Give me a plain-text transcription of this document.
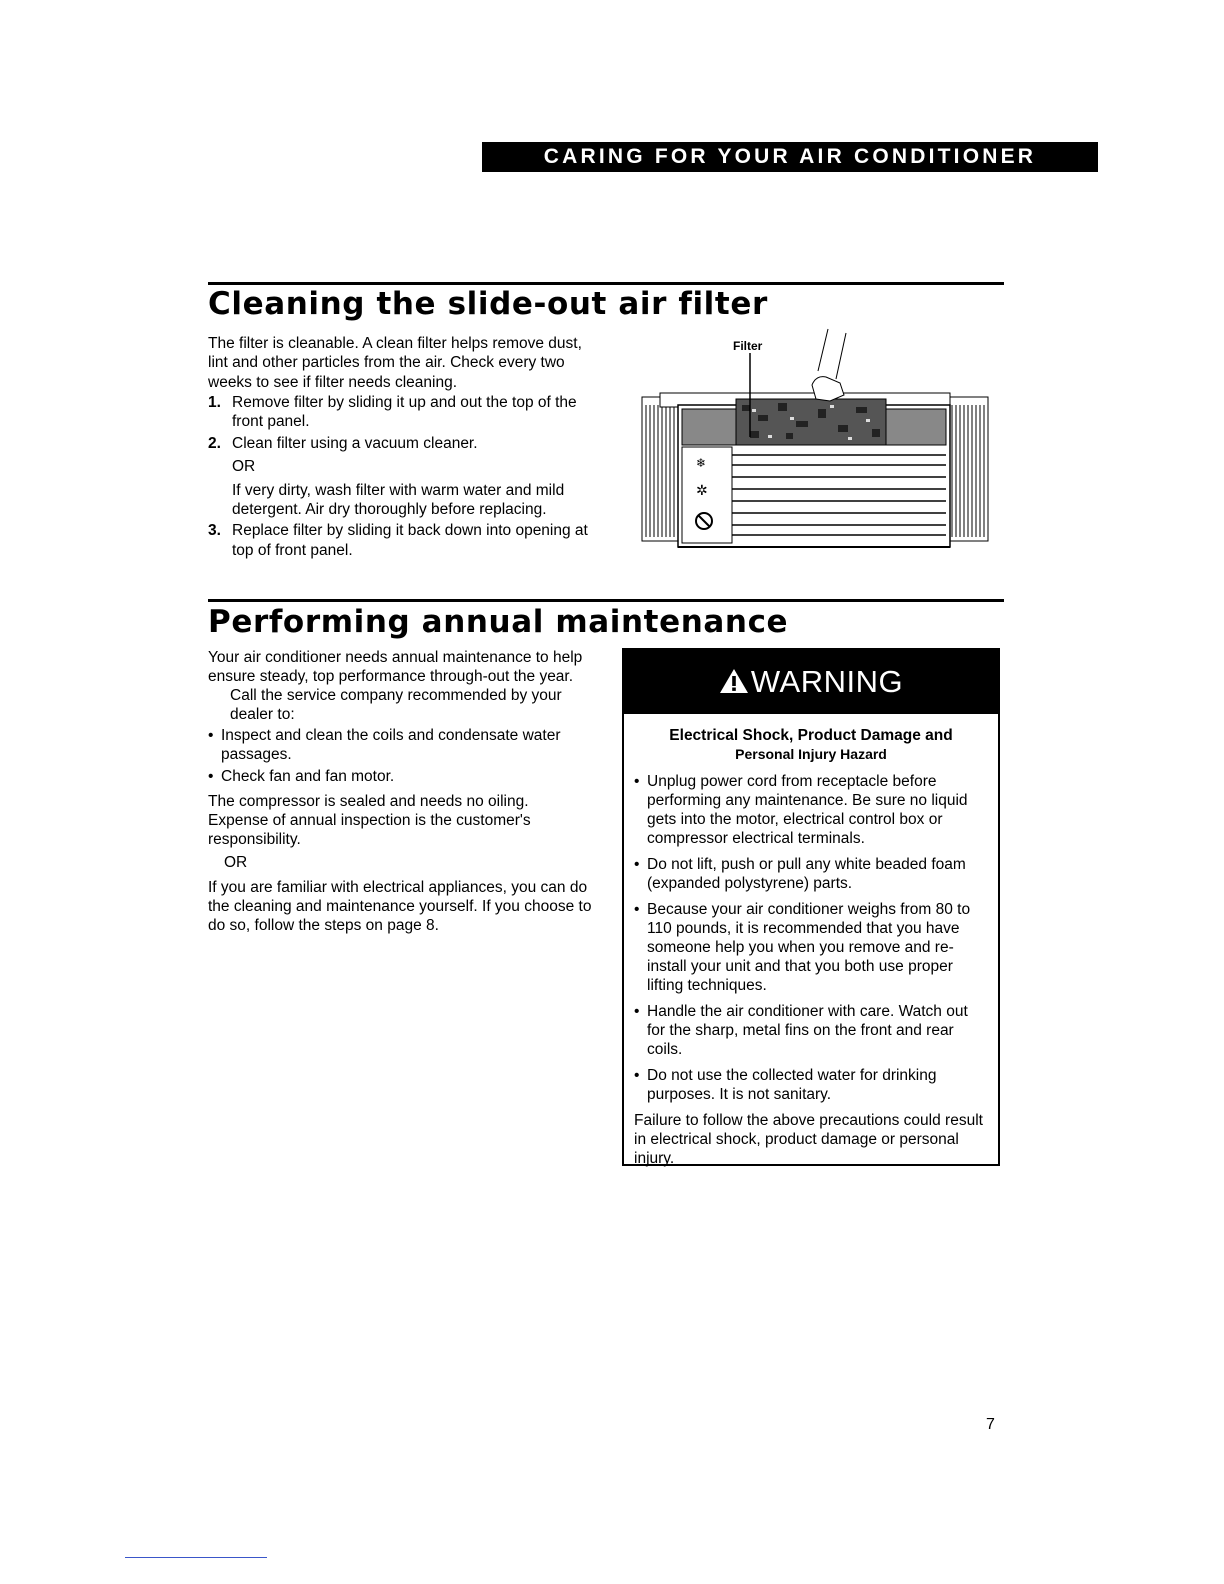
CARING FOR YOUR AIR CONDITIONER
Cleaning the slide-out air filter

The filter is cleanable. A clean filter helps remove dust, lint and other particles from the air. Check every two weeks to see if filter needs cleaning.

1. Remove filter by sliding it up and out the top of the front panel.

2. Clean filter using a vacuum cleaner.

OR

If very dirty, wash filter with warm water and mild detergent. Air dry thoroughly before replacing.

3. Replace filter by sliding it back down into opening at top of front panel.

❄
✲
Filter
Performing annual maintenance

Your air conditioner needs annual maintenance to help ensure steady, top performance through-out the year.

Call the service company recommended by your dealer to:

• Inspect and clean the coils and condensate water passages.
• Check fan and fan motor.

The compressor is sealed and needs no oiling. Expense of annual inspection is the customer's responsibility.

OR

If you are familiar with electrical appliances, you can do the cleaning and maintenance yourself. If you choose to do so, follow the steps on page 8.

WARNING
Electrical Shock, Product Damage and
Personal Injury Hazard
• Unplug power cord from receptacle before performing any maintenance. Be sure no liquid gets into the motor, electrical control box or compressor electrical terminals.
• Do not lift, push or pull any white beaded foam (expanded polystyrene) parts.
• Because your air conditioner weighs from 80 to 110 pounds, it is recommended that you have someone help you when you remove and re-install your unit and that you both use proper lifting techniques.
• Handle the air conditioner with care. Watch out for the sharp, metal fins on the front and rear coils.
• Do not use the collected water for drinking purposes. It is not sanitary.

Failure to follow the above precautions could result in electrical shock, product damage or personal injury.

7
